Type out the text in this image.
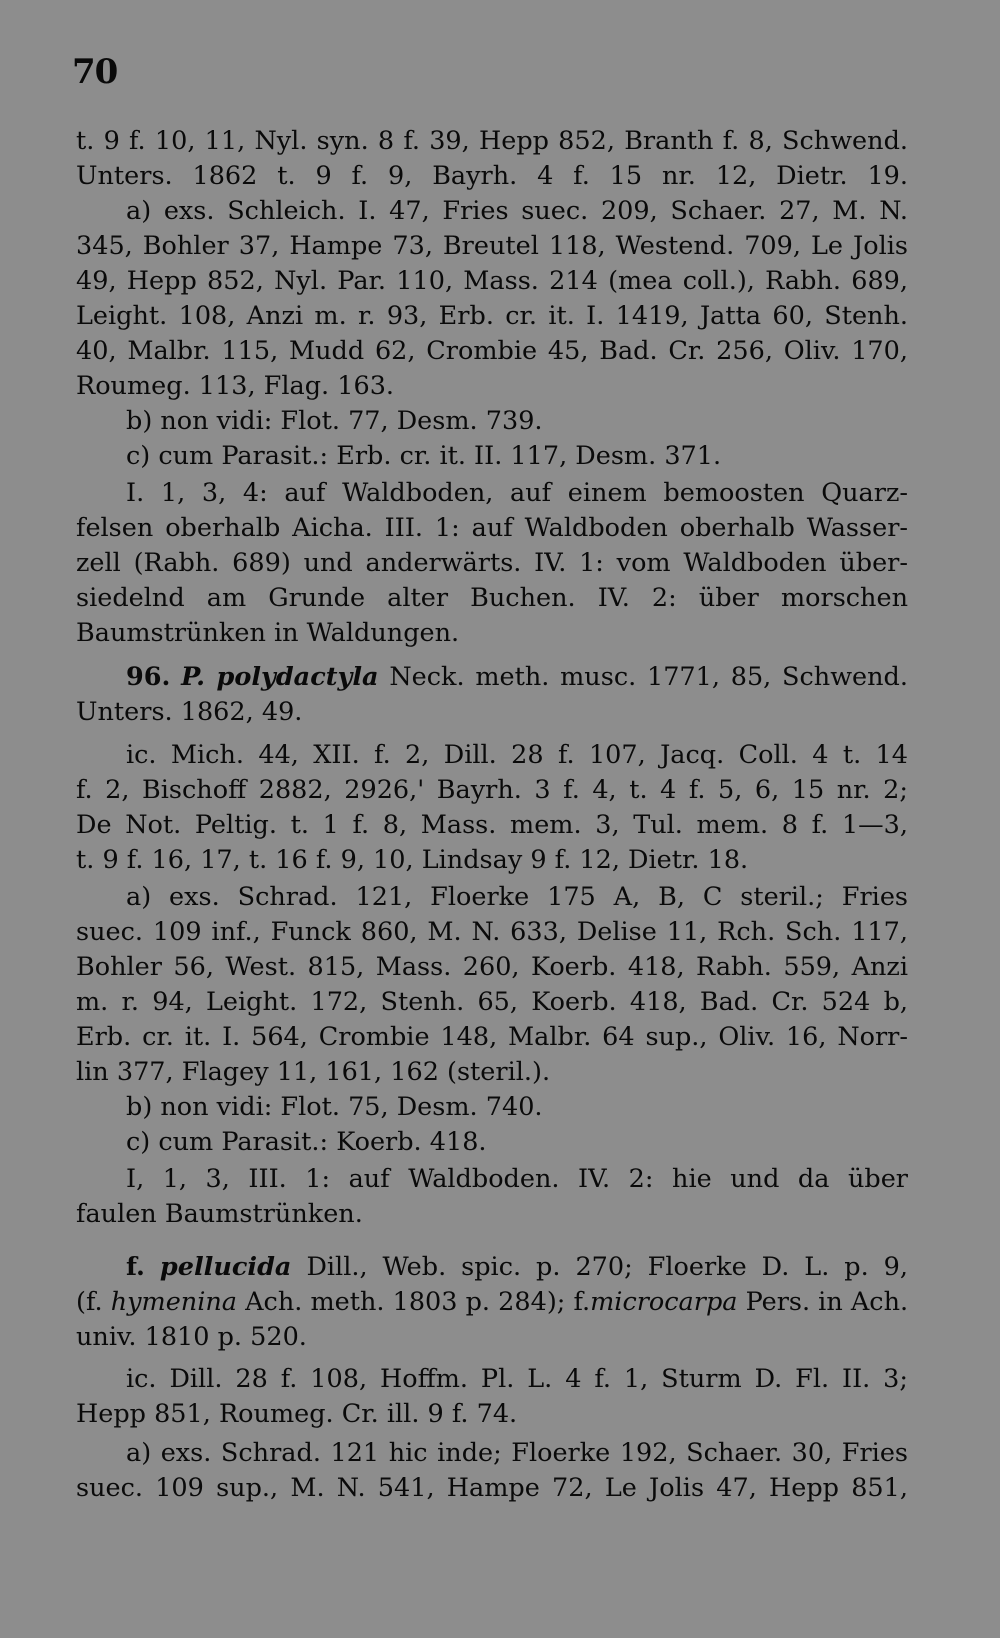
70
t. 9 f. 10, 11, Nyl. syn. 8 f. 39, Hepp 852, Branth f. 8, Schwend.
Unters. 1862 t. 9 f. 9, Bayrh. 4 f. 15 nr. 12, Dietr. 19.
a) exs. Schleich. I. 47, Fries suec. 209, Schaer. 27, M. N.
345, Bohler 37, Hampe 73, Breutel 118, Westend. 709, Le Jolis
49, Hepp 852, Nyl. Par. 110, Mass. 214 (mea coll.), Rabh. 689,
Leight. 108, Anzi m. r. 93, Erb. cr. it. I. 1419, Jatta 60, Stenh.
40, Malbr. 115, Mudd 62, Crombie 45, Bad. Cr. 256, Oliv. 170,
Roumeg. 113, Flag. 163.
b) non vidi: Flot. 77, Desm. 739.
c) cum Parasit.: Erb. cr. it. II. 117, Desm. 371.
I. 1, 3, 4: auf Waldboden, auf einem bemoosten Quarz-
felsen oberhalb Aicha. III. 1: auf Waldboden oberhalb Wasser-
zell (Rabh. 689) und anderwärts. IV. 1: vom Waldboden über-
siedelnd am Grunde alter Buchen. IV. 2: über morschen
Baumstrünken in Waldungen.
96. P. polydactyla Neck. meth. musc. 1771, 85, Schwend.
Unters. 1862, 49.
ic. Mich. 44, XII. f. 2, Dill. 28 f. 107, Jacq. Coll. 4 t. 14
f. 2, Bischoff 2882, 2926,' Bayrh. 3 f. 4, t. 4 f. 5, 6, 15 nr. 2;
De Not. Peltig. t. 1 f. 8, Mass. mem. 3, Tul. mem. 8 f. 1—3,
t. 9 f. 16, 17, t. 16 f. 9, 10, Lindsay 9 f. 12, Dietr. 18.
a) exs. Schrad. 121, Floerke 175 A, B, C steril.; Fries
suec. 109 inf., Funck 860, M. N. 633, Delise 11, Rch. Sch. 117,
Bohler 56, West. 815, Mass. 260, Koerb. 418, Rabh. 559, Anzi
m. r. 94, Leight. 172, Stenh. 65, Koerb. 418, Bad. Cr. 524 b,
Erb. cr. it. I. 564, Crombie 148, Malbr. 64 sup., Oliv. 16, Norr-
lin 377, Flagey 11, 161, 162 (steril.).
b) non vidi: Flot. 75, Desm. 740.
c) cum Parasit.: Koerb. 418.
I, 1, 3, III. 1: auf Waldboden. IV. 2: hie und da über
faulen Baumstrünken.
f. pellucida Dill., Web. spic. p. 270; Floerke D. L. p. 9,
(f. hymenina Ach. meth. 1803 p. 284); f.microcarpa Pers. in Ach.
univ. 1810 p. 520.
ic. Dill. 28 f. 108, Hoffm. Pl. L. 4 f. 1, Sturm D. Fl. II. 3;
Hepp 851, Roumeg. Cr. ill. 9 f. 74.
a) exs. Schrad. 121 hic inde; Floerke 192, Schaer. 30, Fries
suec. 109 sup., M. N. 541, Hampe 72, Le Jolis 47, Hepp 851,
